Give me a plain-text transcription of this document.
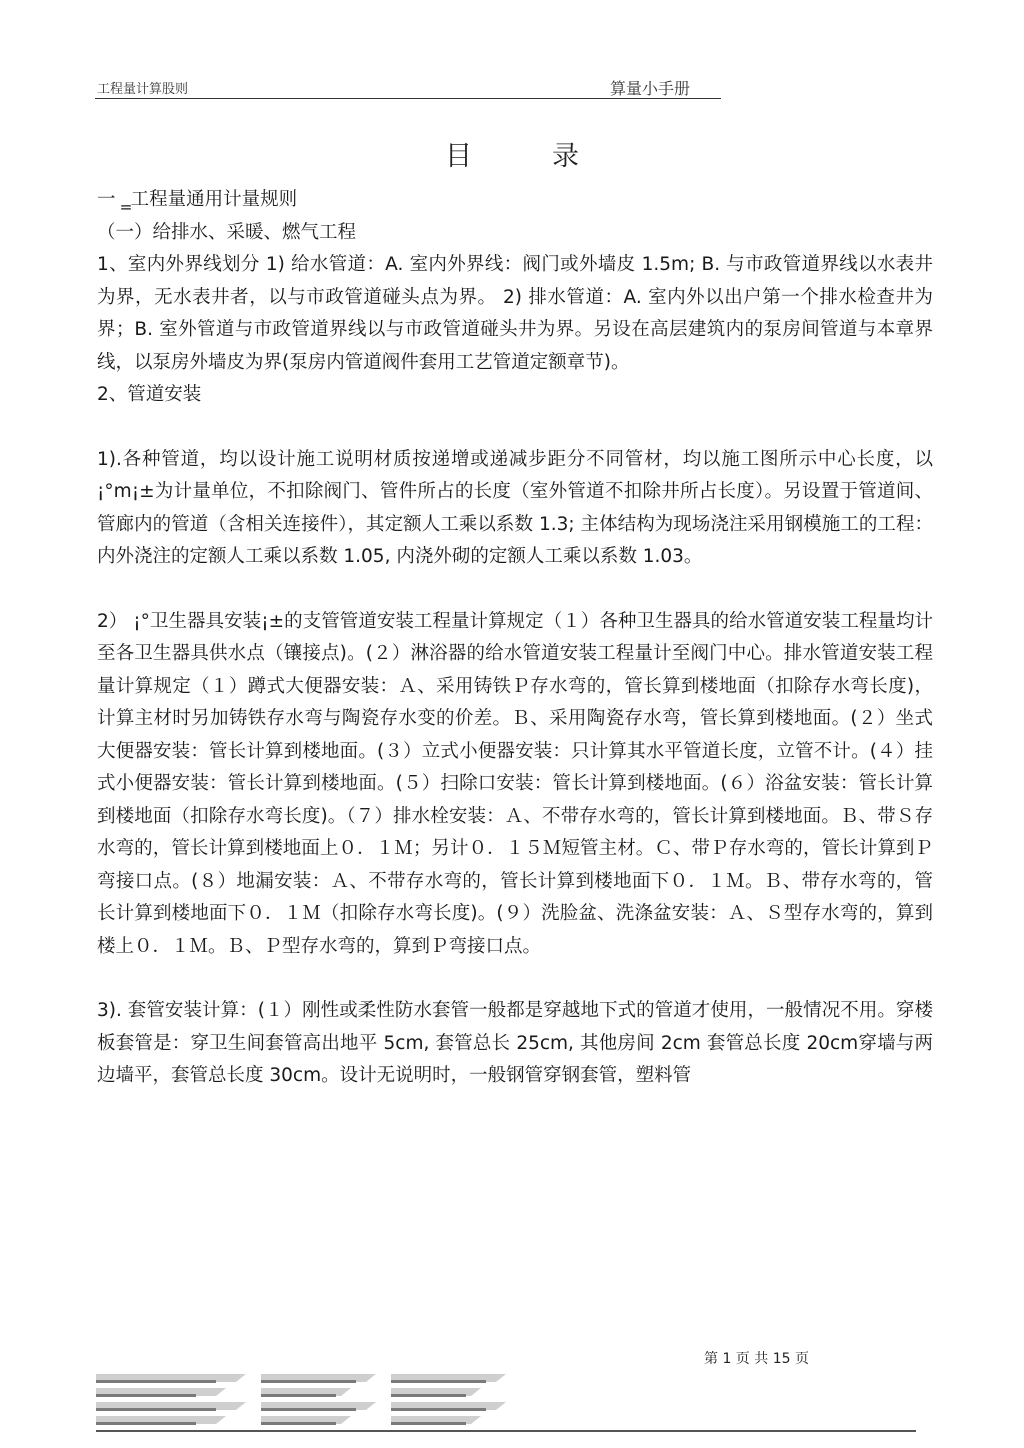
工程量计算股则	算量小手册
目	录

一 ‗工程量通用计量规则

（一）给排水、采暖、燃气工程

1、室内外界线划分 1) 给水管道：A. 室内外界线：阀门或外墙皮 1.5m; B. 与市政管道界线以水表井为界，无水表井者，以与市政管道碰头点为界。 2) 排水管道：A. 室内外以出户第一个排水检查井为界；B. 室外管道与市政管道界线以与市政管道碰头井为界。另设在高层建筑内的泵房间管道与本章界线，以泵房外墙皮为界(泵房内管道阀件套用工艺管道定额章节)。

2、管道安装

1).各种管道，均以设计施工说明材质按递增或递减步距分不同管材，均以施工图所示中心长度，以¡°m¡±为计量单位，不扣除阀门、管件所占的长度（室外管道不扣除井所占长度）。另设置于管道间、管廊内的管道（含相关连接件），其定额人工乘以系数 1.3; 主体结构为现场浇注采用钢模施工的工程：内外浇注的定额人工乘以系数 1.05, 内浇外砌的定额人工乘以系数 1.03。

2） ¡°卫生器具安装¡±的支管管道安装工程量计算规定（１）各种卫生器具的给水管道安装工程量均计至各卫生器具供水点（镶接点)。(２）淋浴器的给水管道安装工程量计至阀门中心。排水管道安装工程量计算规定（１）蹲式大便器安装：Ａ、采用铸铁Ｐ存水弯的，管长算到楼地面（扣除存水弯长度)，计算主材时另加铸铁存水弯与陶瓷存水变的价差。Ｂ、采用陶瓷存水弯，管长算到楼地面。(２）坐式大便器安装：管长计算到楼地面。(３）立式小便器安装：只计算其水平管道长度，立管不计。(４）挂式小便器安装：管长计算到楼地面。(５）扫除口安装：管长计算到楼地面。(６）浴盆安装：管长计算到楼地面（扣除存水弯长度)。（７）排水栓安装：Ａ、不带存水弯的，管长计算到楼地面。Ｂ、带Ｓ存水弯的，管长计算到楼地面上０．１Ｍ；另计０．１５Ｍ短管主材。Ｃ、带Ｐ存水弯的，管长计算到Ｐ弯接口点。(８）地漏安装：Ａ、不带存水弯的，管长计算到楼地面下０．１Ｍ。Ｂ、带存水弯的，管长计算到楼地面下０．１Ｍ（扣除存水弯长度)。(９）洗脸盆、洗涤盆安装：Ａ、Ｓ型存水弯的，算到楼上０．１Ｍ。Ｂ、Ｐ型存水弯的，算到Ｐ弯接口点。

3). 套管安装计算：(１）刚性或柔性防水套管一般都是穿越地下式的管道才使用，一般情况不用。穿楼板套管是：穿卫生间套管高出地平 5cm, 套管总长 25cm, 其他房间 2cm 套管总长度 20cm穿墙与两边墙平，套管总长度 30cm。设计无说明时，一般钢管穿钢套管，塑料管

第 1 页 共 15 页
